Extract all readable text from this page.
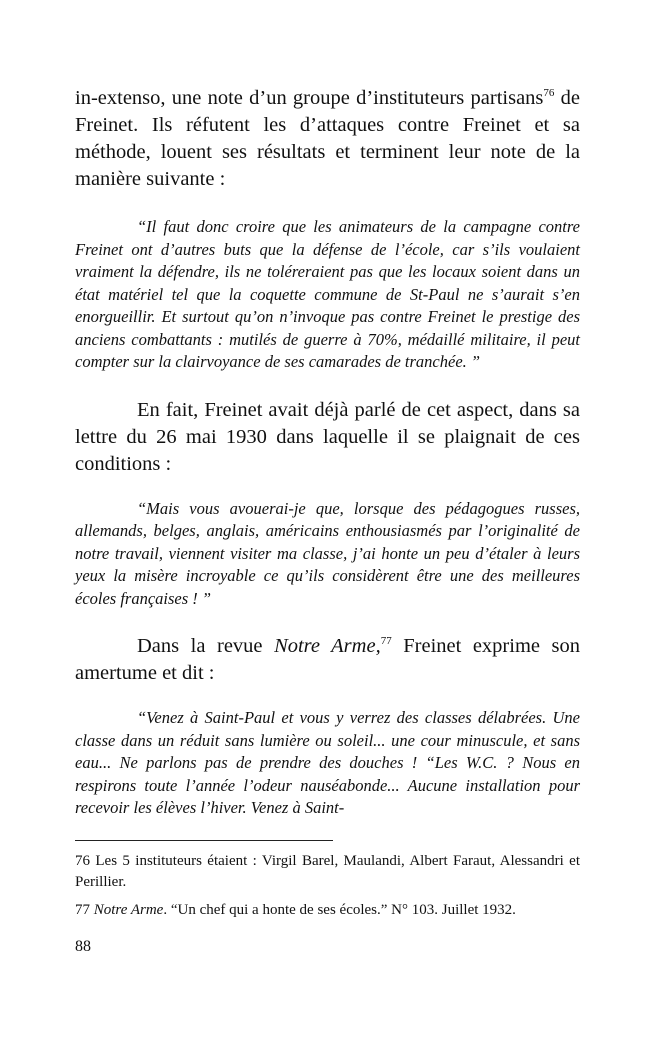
in-extenso, une note d’un groupe d’instituteurs partisans$^{76}$ de Freinet. Ils réfutent les d’attaques contre Freinet et sa méthode, louent ses résultats et terminent leur note de la manière suivante :

“Il faut donc croire que les animateurs de la campagne contre Freinet ont d’autres buts que la défense de l’école, car s’ils voulaient vraiment la défendre, ils ne toléreraient pas que les locaux soient dans un état matériel tel que la coquette commune de St-Paul ne s’aurait s’en enorgueillir. Et surtout qu’on n’invoque pas contre Freinet le prestige des anciens combattants : mutilés de guerre à 70%, médaillé militaire, il peut compter sur la clairvoyance de ses camarades de tranchée. ”

En fait, Freinet avait déjà parlé de cet aspect, dans sa lettre du 26 mai 1930 dans laquelle il se plaignait de ces conditions :

“Mais vous avouerai-je que, lorsque des pédagogues russes, allemands, belges, anglais, américains enthousiasmés par l’originalité de notre travail, viennent visiter ma classe, j’ai honte un peu d’étaler à leurs yeux la misère incroyable ce qu’ils considèrent être une des meilleures écoles françaises ! ”

Dans la revue Notre Arme,$^{77}$ Freinet exprime son amertume et dit :

“Venez à Saint-Paul et vous y verrez des classes délabrées. Une classe dans un réduit sans lumière ou soleil... une cour minuscule, et sans eau... Ne parlons pas de prendre des douches ! “Les W.C. ? Nous en respirons toute l’année l’odeur nauséabonde... Aucune installation pour recevoir les élèves l’hiver. Venez à Saint-

76 Les 5 instituteurs étaient : Virgil Barel, Maulandi, Albert Faraut, Alessandri et Perillier.

77 Notre Arme. “Un chef qui a honte de ses écoles.” N° 103. Juillet 1932.

88
